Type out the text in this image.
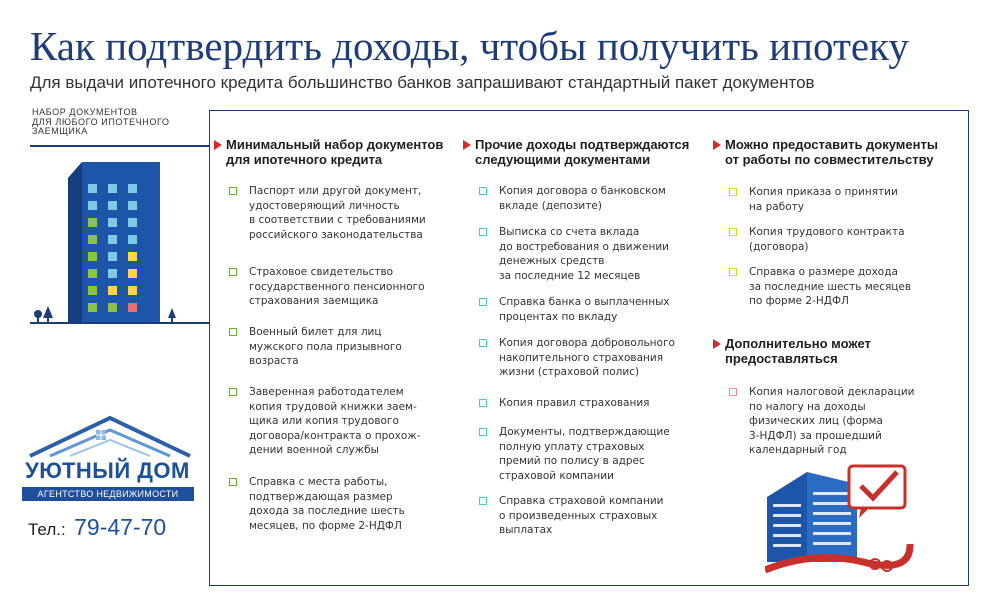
Как подтвердить доходы, чтобы получить ипотеку
Для выдачи ипотечного кредита большинство банков запрашивают стандартный пакет документов
НАБОР ДОКУМЕНТОВ
ДЛЯ ЛЮБОГО ИПОТЕЧНОГО
ЗАЕМЩИКА
Минимальный набор документов
для ипотечного кредита
Паспорт или другой документ,
удостоверяющий личность
в соответствии с требованиями
российского законодательства
Страховое свидетельство
государственного пенсионного
страхования заемщика
Военный билет для лиц
мужского пола призывного
возраста
Заверенная работодателем
копия трудовой книжки заем-
щика или копия трудового
договора/контракта о прохож-
дении военной службы
Справка с места работы,
подтверждающая размер
дохода за последние шесть
месяцев, по форме 2-НДФЛ
Прочие доходы подтверждаются
следующими документами
Копия договора о банковском
вкладе (депозите)
Выписка со счета вклада
до востребования о движении
денежных средств
за последние 12 месяцев
Справка банка о выплаченных
процентах по вкладу
Копия договора добровольного
накопительного страхования
жизни (страховой полис)
Копия правил страхования
Документы, подтверждающие
полную уплату страховых
премий по полису в адрес
страховой компании
Справка страховой компании
о произведенных страховых
выплатах
Можно предоставить документы
от работы по совместительству
Копия приказа о принятии
на работу
Копия трудового контракта
(договора)
Справка о размере дохода
за последние шесть месяцев
по форме 2-НДФЛ
Дополнительно может
предоставляться
Копия налоговой декларации
по налогу на доходы
физических лиц (форма
3-НДФЛ) за прошедший
календарный год
УЮТНЫЙ ДОМ
АГЕНТСТВО НЕДВИЖИМОСТИ
Тел.: 79-47-70
